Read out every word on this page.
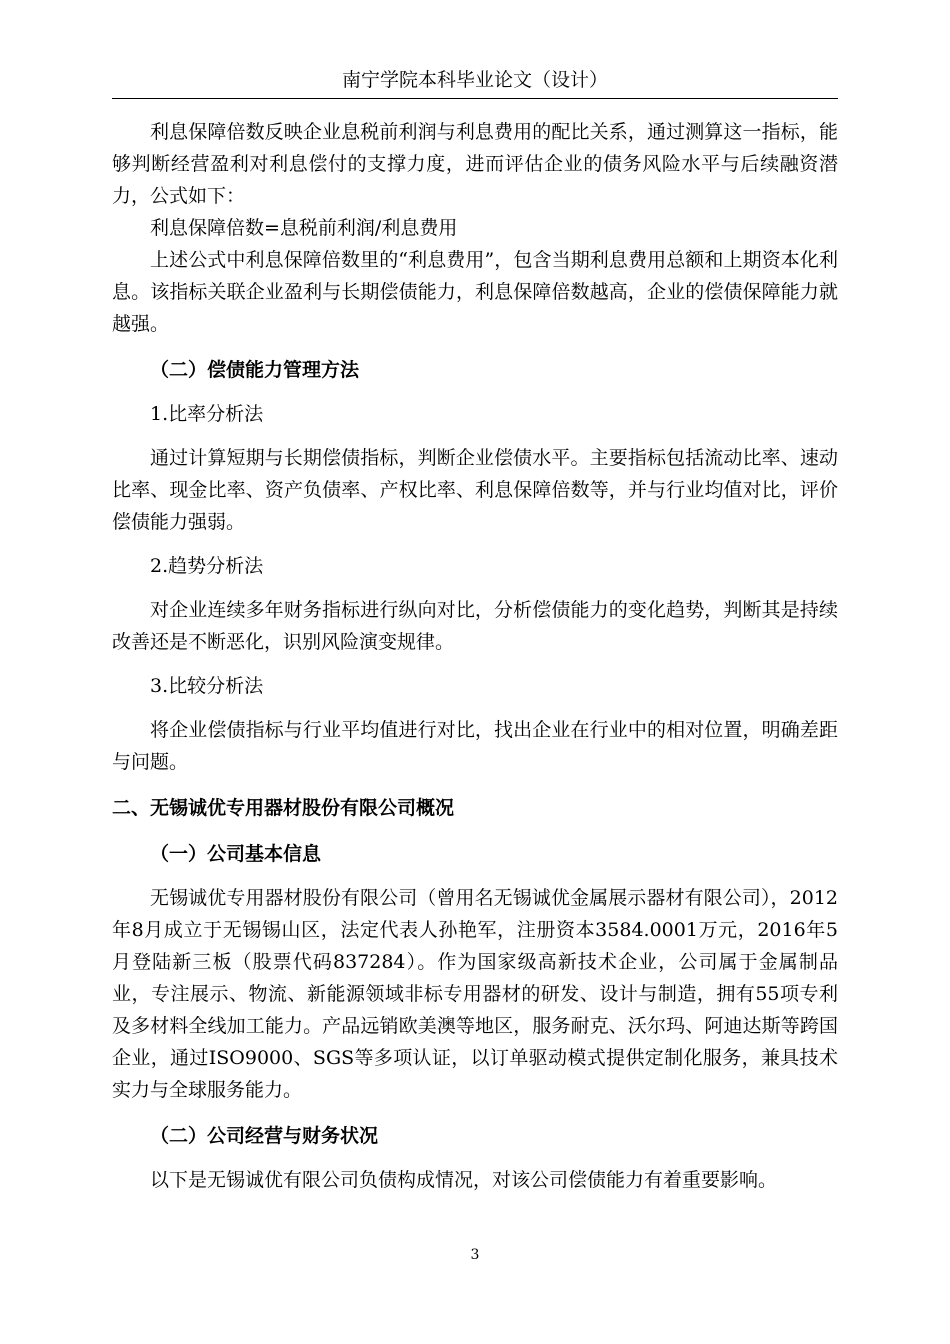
南宁学院本科毕业论文（设计）

利息保障倍数反映企业息税前利润与利息费用的配比关系，通过测算这一指标，能够判断经营盈利对利息偿付的支撑力度，进而评估企业的债务风险水平与后续融资潜力，公式如下：

利息保障倍数=息税前利润/利息费用

上述公式中利息保障倍数里的“利息费用”，包含当期利息费用总额和上期资本化利息。该指标关联企业盈利与长期偿债能力，利息保障倍数越高，企业的偿债保障能力就越强。

（二）偿债能力管理方法

1.比率分析法

通过计算短期与长期偿债指标，判断企业偿债水平。主要指标包括流动比率、速动比率、现金比率、资产负债率、产权比率、利息保障倍数等，并与行业均值对比，评价偿债能力强弱。

2.趋势分析法

对企业连续多年财务指标进行纵向对比，分析偿债能力的变化趋势，判断其是持续改善还是不断恶化，识别风险演变规律。

3.比较分析法

将企业偿债指标与行业平均值进行对比，找出企业在行业中的相对位置，明确差距与问题。

二、无锡诚优专用器材股份有限公司概况

（一）公司基本信息

无锡诚优专用器材股份有限公司（曾用名无锡诚优金属展示器材有限公司），2012年8月成立于无锡锡山区，法定代表人孙艳军，注册资本3584.0001万元，2016年5月登陆新三板（股票代码837284）。作为国家级高新技术企业，公司属于金属制品业，专注展示、物流、新能源领域非标专用器材的研发、设计与制造，拥有55项专利及多材料全线加工能力。产品远销欧美澳等地区，服务耐克、沃尔玛、阿迪达斯等跨国企业，通过ISO9000、SGS等多项认证，以订单驱动模式提供定制化服务，兼具技术实力与全球服务能力。

（二）公司经营与财务状况

以下是无锡诚优有限公司负债构成情况，对该公司偿债能力有着重要影响。

3
